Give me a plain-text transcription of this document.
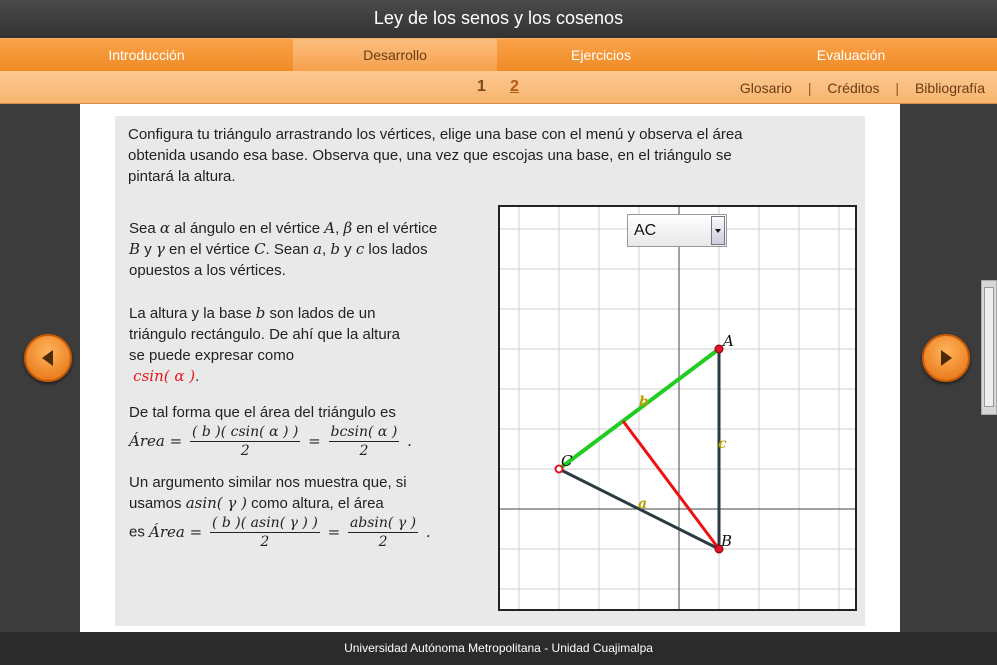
Ley de los senos y los cosenos
Introducción	Desarrollo	Ejercicios	Evaluación
1 2	Glosario | Créditos | Bibliografía
Configura tu triángulo arrastrando los vértices, elige una base con el menú y observa el área obtenida usando esa base. Observa que, una vez que escojas una base, en el triángulo se pintará la altura.
Sea α al ángulo en el vértice A, β en el vértice B y γ en el vértice C. Sean a, b y c los lados opuestos a los vértices.
La altura y la base b son lados de un triángulo rectángulo. De ahí que la altura se puede expresar como
csin( α ).
De tal forma que el área del triángulo es
Área = $\frac{( b )( csin( \alpha ) )}{2} = \frac{bcsin( \alpha )}{2}$ .
Un argumento similar nos muestra que, si usamos asin( γ ) como altura, el área
es Área = $\frac{( b )( asin( \gamma ) )}{2} = \frac{absin( \gamma )}{2}$ .
A
B
C
a
b
c
AC
Universidad Autónoma Metropolitana - Unidad Cuajimalpa
